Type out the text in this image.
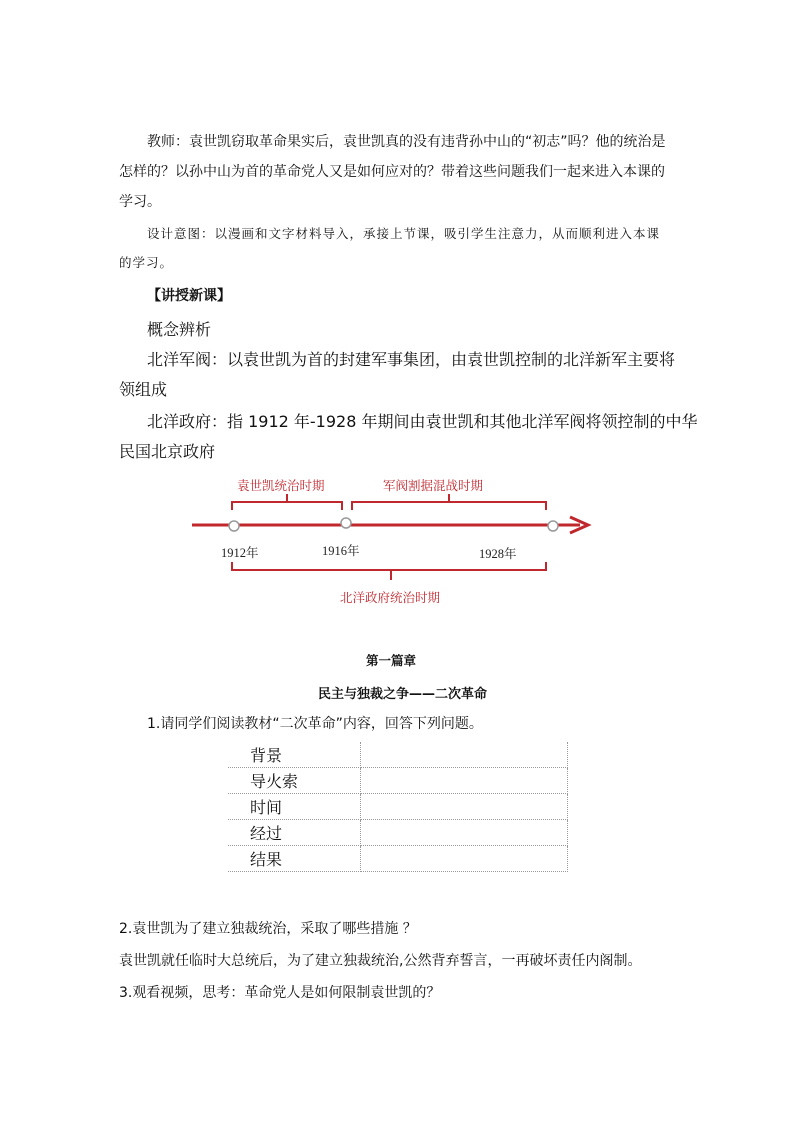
教师：袁世凯窃取革命果实后，袁世凯真的没有违背孙中山的“初志”吗？他的统治是

怎样的？以孙中山为首的革命党人又是如何应对的？带着这些问题我们一起来进入本课的

学习。

设计意图：以漫画和文字材料导入，承接上节课，吸引学生注意力，从而顺利进入本课

的学习。

【讲授新课】

概念辨析

北洋军阀：以袁世凯为首的封建军事集团，由袁世凯控制的北洋新军主要将

领组成

北洋政府：指 1912 年-1928 年期间由袁世凯和其他北洋军阀将领控制的中华

民国北京政府

袁世凯统治时期	军阀割据混战时期
1912年	1916年	1928年
北洋政府统治时期

第一篇章

民主与独裁之争——二次革命

1.请同学们阅读教材“二次革命”内容，回答下列问题。

背景	
导火索	
时间	
经过	
结果	

2.袁世凯为了建立独裁统治，采取了哪些措施 ？

袁世凯就任临时大总统后，为了建立独裁统治,公然背弃誓言，一再破坏责任内阁制。

3.观看视频，思考：革命党人是如何限制袁世凯的？
